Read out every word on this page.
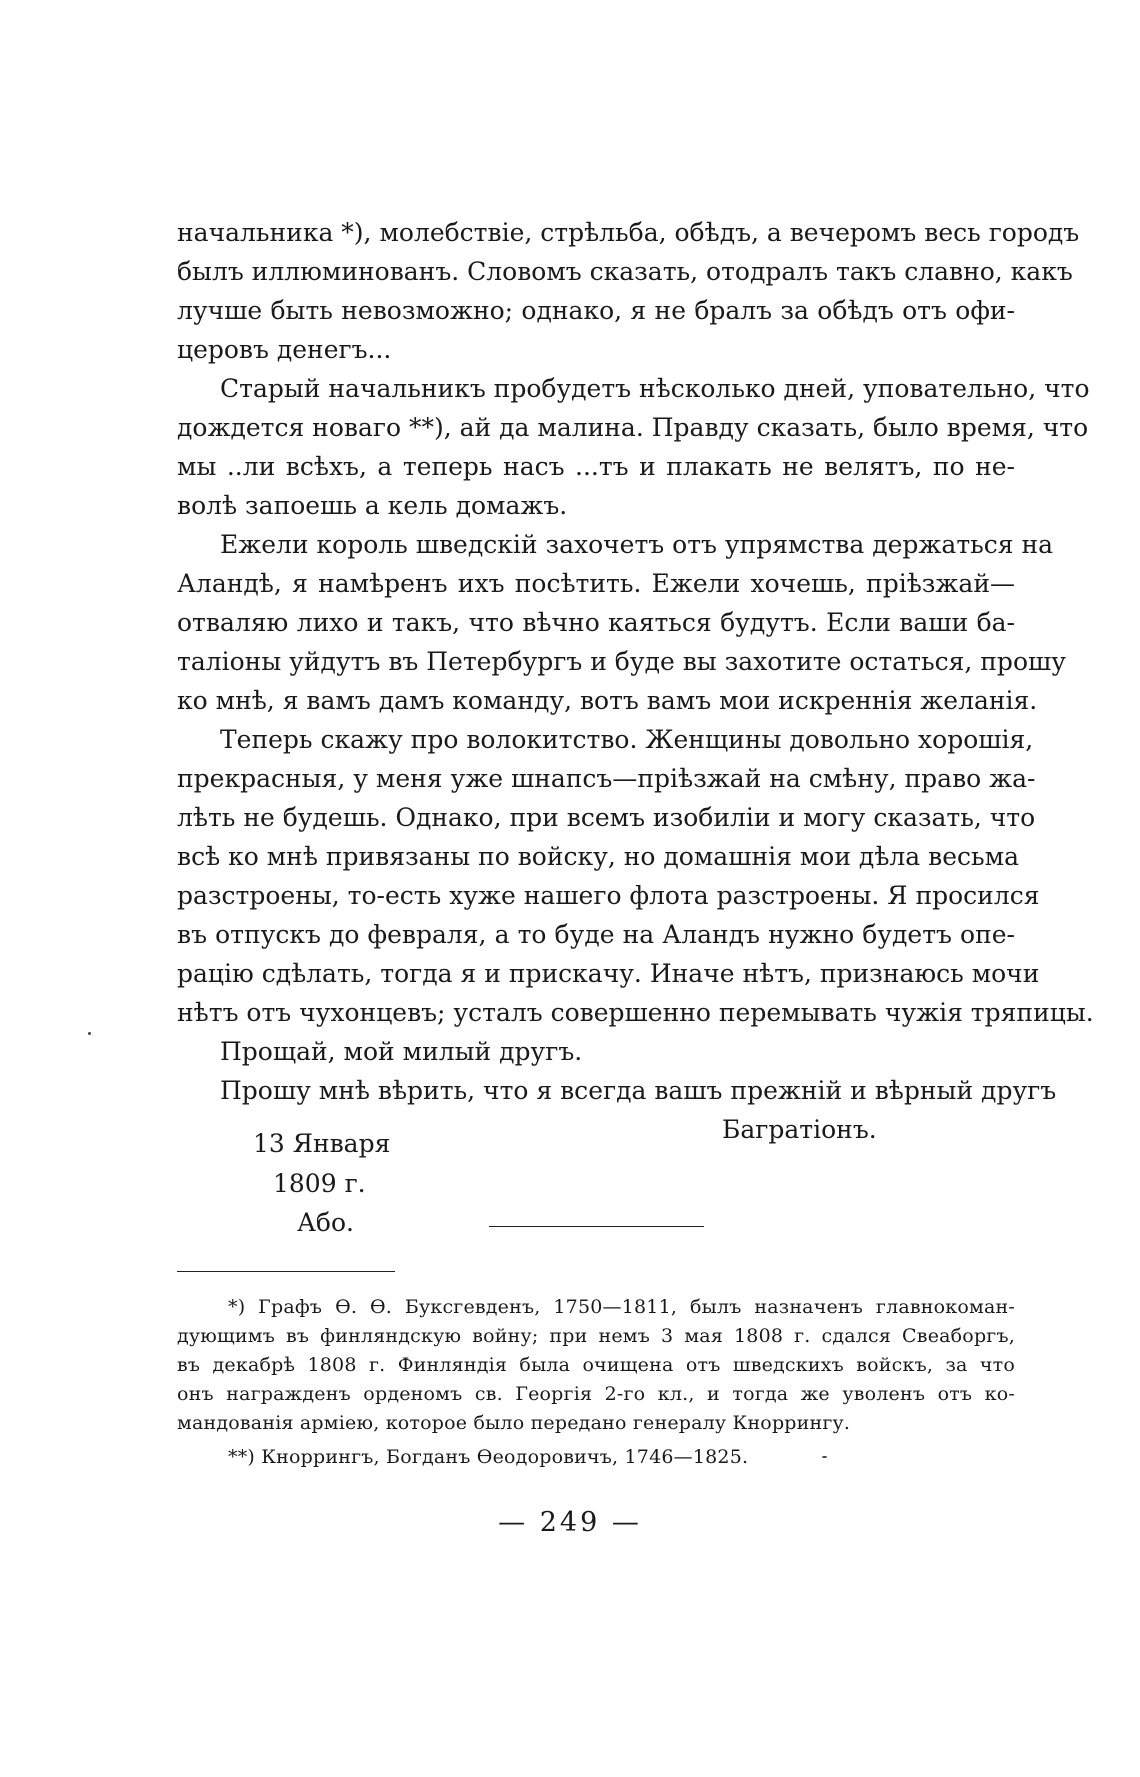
начальника *), молебствіе, стрѣльба, обѣдъ, а вечеромъ весь городъ
былъ иллюминованъ. Словомъ сказать, отодралъ такъ славно, какъ
лучше быть невозможно; однако, я не бралъ за обѣдъ отъ офи-
церовъ денегъ...
Старый начальникъ пробудетъ нѣсколько дней, уповательно, что
дождется новаго **), ай да малина. Правду сказать, было время, что
мы ..ли всѣхъ, а теперь насъ ...тъ и плакать не велятъ, по не-
волѣ запоешь а кель домажъ.
Ежели король шведскій захочетъ отъ упрямства держаться на
Аландѣ, я намѣренъ ихъ посѣтить. Ежели хочешь, пріѣзжай—
отваляю лихо и такъ, что вѣчно каяться будутъ. Если ваши ба-
таліоны уйдутъ въ Петербургъ и буде вы захотите остаться, прошу
ко мнѣ, я вамъ дамъ команду, вотъ вамъ мои искреннія желанія.
Теперь скажу про волокитство. Женщины довольно хорошія,
прекрасныя, у меня уже шнапсъ—пріѣзжай на смѣну, право жа-
лѣть не будешь. Однако, при всемъ изобиліи и могу сказать, что
всѣ ко мнѣ привязаны по войску, но домашнія мои дѣла весьма
разстроены, то-есть хуже нашего флота разстроены. Я просился
въ отпускъ до февраля, а то буде на Аландъ нужно будетъ опе-
рацію сдѣлать, тогда я и прискачу. Иначе нѣтъ, признаюсь мочи
нѣтъ отъ чухонцевъ; усталъ совершенно перемывать чужія тряпицы.
Прощай, мой милый другъ.
Прошу мнѣ вѣрить, что я всегда вашъ прежній и вѣрный другъ
Багратіонъ.
13 Января
1809 г.
Або.
*) Графъ Ѳ. Ѳ. Буксгевденъ, 1750—1811, былъ назначенъ главнокоман-
дующимъ въ финляндскую войну; при немъ 3 мая 1808 г. сдался Свеаборгъ,
въ декабрѣ 1808 г. Финляндія была очищена отъ шведскихъ войскъ, за что
онъ награжденъ орденомъ св. Георгія 2-го кл., и тогда же уволенъ отъ ко-
мандованія арміею, которое было передано генералу Кноррингу.
**) Кноррингъ, Богданъ Ѳеодоровичъ, 1746—1825.
— 249 —
